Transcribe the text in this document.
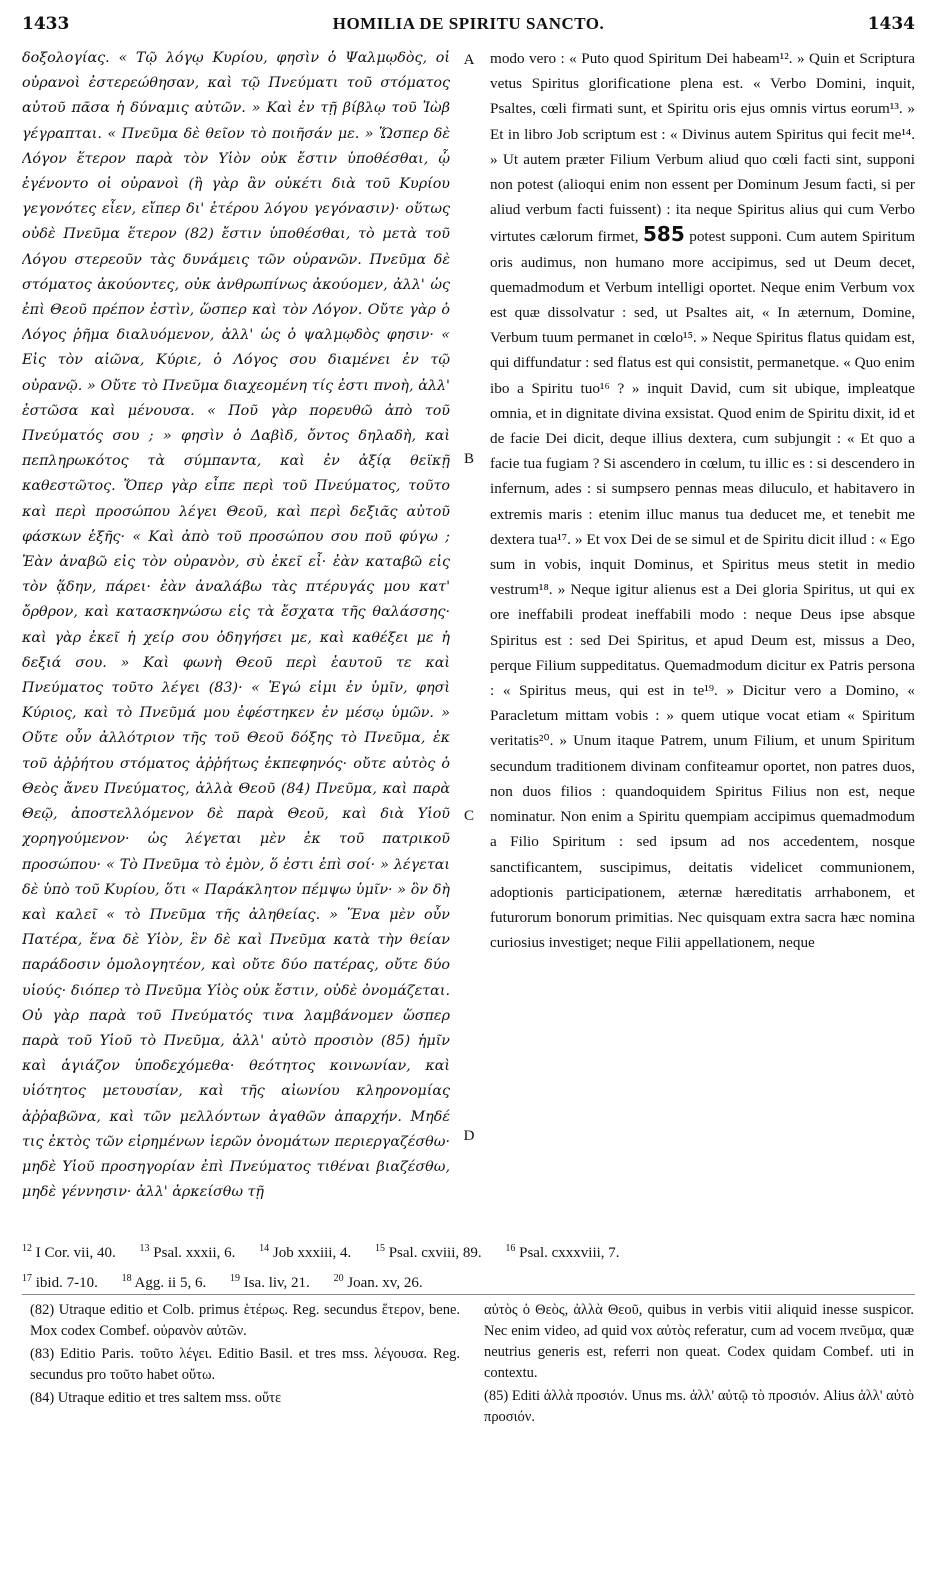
1433	HOMILIA DE SPIRITU SANCTO.	1434

δοξολογίας. « Τῷ λόγῳ Κυρίου, φησὶν ὁ Ψαλμῳδὸς, οἱ οὐρανοὶ ἐστερεώθησαν, καὶ τῷ Πνεύματι τοῦ στόματος αὐτοῦ πᾶσα ἡ δύναμις αὐτῶν. » Καὶ ἐν τῇ βίβλῳ τοῦ Ἰὼβ γέγραπται. « Πνεῦμα δὲ θεῖον τὸ ποιῆσάν με. » Ὥσπερ δὲ Λόγον ἕτερον παρὰ τὸν Υἱὸν οὐκ ἔστιν ὑποθέσθαι, ᾧ ἐγένοντο οἱ οὐρανοὶ (ἢ γὰρ ἂν οὐκέτι διὰ τοῦ Κυρίου γεγονότες εἶεν, εἴπερ δι' ἑτέρου λόγου γεγόνασιν)· οὕτως οὐδὲ Πνεῦμα ἕτερον (82) ἔστιν ὑποθέσθαι, τὸ μετὰ τοῦ Λόγου στερεοῦν τὰς δυνάμεις τῶν οὐρανῶν. Πνεῦμα δὲ στόματος ἀκούοντες, οὐκ ἀνθρωπίνως ἀκούομεν, ἀλλ' ὡς ἐπὶ Θεοῦ πρέπον ἐστὶν, ὥσπερ καὶ τὸν Λόγον. Οὔτε γὰρ ὁ Λόγος ῥῆμα διαλυόμενον, ἀλλ' ὡς ὁ ψαλμῳδὸς φησιν· « Εἰς τὸν αἰῶνα, Κύριε, ὁ Λόγος σου διαμένει ἐν τῷ οὐρανῷ. » Οὔτε τὸ Πνεῦμα διαχεομένη τίς ἐστι πνοὴ, ἀλλ' ἑστῶσα καὶ μένουσα. « Ποῦ γὰρ πορευθῶ ἀπὸ τοῦ Πνεύματός σου ; » φησὶν ὁ Δαβὶδ, ὄντος δηλαδὴ, καὶ πεπληρωκότος τὰ σύμπαντα, καὶ ἐν ἀξίᾳ θεϊκῇ καθεστῶτος. Ὅπερ γὰρ εἶπε περὶ τοῦ Πνεύματος, τοῦτο καὶ περὶ προσώπου λέγει Θεοῦ, καὶ περὶ δεξιᾶς αὐτοῦ φάσκων ἑξῆς· « Καὶ ἀπὸ τοῦ προσώπου σου ποῦ φύγω ; Ἐὰν ἀναβῶ εἰς τὸν οὐρανὸν, σὺ ἐκεῖ εἶ· ἐὰν καταβῶ εἰς τὸν ᾅδην, πάρει· ἐὰν ἀναλάβω τὰς πτέρυγάς μου κατ' ὄρθρον, καὶ κατασκηνώσω εἰς τὰ ἔσχατα τῆς θαλάσσης· καὶ γὰρ ἐκεῖ ἡ χείρ σου ὁδηγήσει με, καὶ καθέξει με ἡ δεξιά σου. » Καὶ φωνὴ Θεοῦ περὶ ἑαυτοῦ τε καὶ Πνεύματος τοῦτο λέγει (83)· « Ἐγώ εἰμι ἐν ὑμῖν, φησὶ Κύριος, καὶ τὸ Πνεῦμά μου ἐφέστηκεν ἐν μέσῳ ὑμῶν. » Οὔτε οὖν ἀλλότριον τῆς τοῦ Θεοῦ δόξης τὸ Πνεῦμα, ἐκ τοῦ ἀῤῥήτου στόματος ἀῤῥήτως ἐκπεφηνός· οὔτε αὐτὸς ὁ Θεὸς ἄνευ Πνεύματος, ἀλλὰ Θεοῦ (84) Πνεῦμα, καὶ παρὰ Θεῷ, ἀποστελλόμενον δὲ παρὰ Θεοῦ, καὶ διὰ Υἱοῦ χορηγούμενον· ὡς λέγεται μὲν ἐκ τοῦ πατρικοῦ προσώπου· « Τὸ Πνεῦμα τὸ ἐμὸν, ὅ ἐστι ἐπὶ σοί· » λέγεται δὲ ὑπὸ τοῦ Κυρίου, ὅτι « Παράκλητον πέμψω ὑμῖν· » ὃν δὴ καὶ καλεῖ « τὸ Πνεῦμα τῆς ἀληθείας. » Ἕνα μὲν οὖν Πατέρα, ἕνα δὲ Υἱὸν, ἓν δὲ καὶ Πνεῦμα κατὰ τὴν θείαν παράδοσιν ὁμολογητέον, καὶ οὔτε δύο πατέρας, οὔτε δύο υἱούς· διόπερ τὸ Πνεῦμα Υἱὸς οὐκ ἔστιν, οὐδὲ ὀνομάζεται. Οὐ γὰρ παρὰ τοῦ Πνεύματός τινα λαμβάνομεν ὥσπερ παρὰ τοῦ Υἱοῦ τὸ Πνεῦμα, ἀλλ' αὐτὸ προσιὸν (85) ἡμῖν καὶ ἁγιάζον ὑποδεχόμεθα· θεότητος κοινωνίαν, καὶ υἱότητος μετουσίαν, καὶ τῆς αἰωνίου κληρονομίας ἀῤῥαβῶνα, καὶ τῶν μελλόντων ἀγαθῶν ἀπαρχήν. Μηδέ τις ἐκτὸς τῶν εἰρημένων ἱερῶν ὀνομάτων περιεργαζέσθω· μηδὲ Υἱοῦ προσηγορίαν ἐπὶ Πνεύματος τιθέναι βιαζέσθω, μηδὲ γέννησιν· ἀλλ' ἀρκείσθω τῇ

A
B
C
D

modo vero : « Puto quod Spiritum Dei habeam¹². » Quin et Scriptura vetus Spiritus glorificatione plena est. « Verbo Domini, inquit, Psaltes, cœli firmati sunt, et Spiritu oris ejus omnis virtus eorum¹³. » Et in libro Job scriptum est : « Divinus autem Spiritus qui fecit me¹⁴. » Ut autem præter Filium Verbum aliud quo cœli facti sint, supponi non potest (alioqui enim non essent per Dominum Jesum facti, si per aliud verbum facti fuissent) : ita neque Spiritus alius qui cum Verbo virtutes cælorum firmet, 585 potest supponi. Cum autem Spiritum oris audimus, non humano more accipimus, sed ut Deum decet, quemadmodum et Verbum intelligi oportet. Neque enim Verbum vox est quæ dissolvatur : sed, ut Psaltes ait, « In æternum, Domine, Verbum tuum permanet in cœlo¹⁵. » Neque Spiritus flatus quidam est, qui diffundatur : sed flatus est qui consistit, permanetque. « Quo enim ibo a Spiritu tuo¹⁶ ? » inquit David, cum sit ubique, impleatque omnia, et in dignitate divina exsistat. Quod enim de Spiritu dixit, id et de facie Dei dicit, deque illius dextera, cum subjungit : « Et quo a facie tua fugiam ? Si ascendero in cœlum, tu illic es : si descendero in infernum, ades : si sumpsero pennas meas diluculo, et habitavero in extremis maris : etenim illuc manus tua deducet me, et tenebit me dextera tua¹⁷. » Et vox Dei de se simul et de Spiritu dicit illud : « Ego sum in vobis, inquit Dominus, et Spiritus meus stetit in medio vestrum¹⁸. » Neque igitur alienus est a Dei gloria Spiritus, ut qui ex ore ineffabili prodeat ineffabili modo : neque Deus ipse absque Spiritus est : sed Dei Spiritus, et apud Deum est, missus a Deo, perque Filium suppeditatus. Quemadmodum dicitur ex Patris persona : « Spiritus meus, qui est in te¹⁹. » Dicitur vero a Domino, « Paracletum mittam vobis : » quem utique vocat etiam « Spiritum veritatis²⁰. » Unum itaque Patrem, unum Filium, et unum Spiritum secundum traditionem divinam confiteamur oportet, non patres duos, non duos filios : quandoquidem Spiritus Filius non est, neque nominatur. Non enim a Spiritu quempiam accipimus quemadmodum a Filio Spiritum : sed ipsum ad nos accedentem, nosque sanctificantem, suscipimus, deitatis videlicet communionem, adoptionis participationem, æternæ hæreditatis arrhabonem, et futurorum bonorum primitias. Nec quisquam extra sacra hæc nomina curiosius investiget; neque Filii appellationem, neque

$^{12}$ I Cor. vii, 40. $^{13}$ Psal. xxxii, 6. $^{14}$ Job xxxiii, 4. $^{15}$ Psal. cxviii, 89. $^{16}$ Psal. cxxxviii, 7.
$^{17}$ ibid. 7-10. $^{18}$ Agg. ii 5, 6. $^{19}$ Isa. liv, 21. $^{20}$ Joan. xv, 26.

(82) Utraque editio et Colb. primus ἑτέρως. Reg. secundus ἕτερον, bene. Mox codex Combef. οὐρανὸν αὐτῶν.

(83) Editio Paris. τοῦτο λέγει. Editio Basil. et tres mss. λέγουσα. Reg. secundus pro τοῦτο habet οὕτω.

(84) Utraque editio et tres saltem mss. οὔτε

αὐτὸς ὁ Θεὸς, ἀλλὰ Θεοῦ, quibus in verbis vitii aliquid inesse suspicor. Nec enim video, ad quid vox αὐτὸς referatur, cum ad vocem πνεῦμα, quæ neutrius generis est, referri non queat. Codex quidam Combef. uti in contextu.

(85) Editi ἀλλὰ προσιόν. Unus ms. ἀλλ' αὐτῷ τὸ προσιόν. Alius ἀλλ' αὐτὸ προσιόν.
